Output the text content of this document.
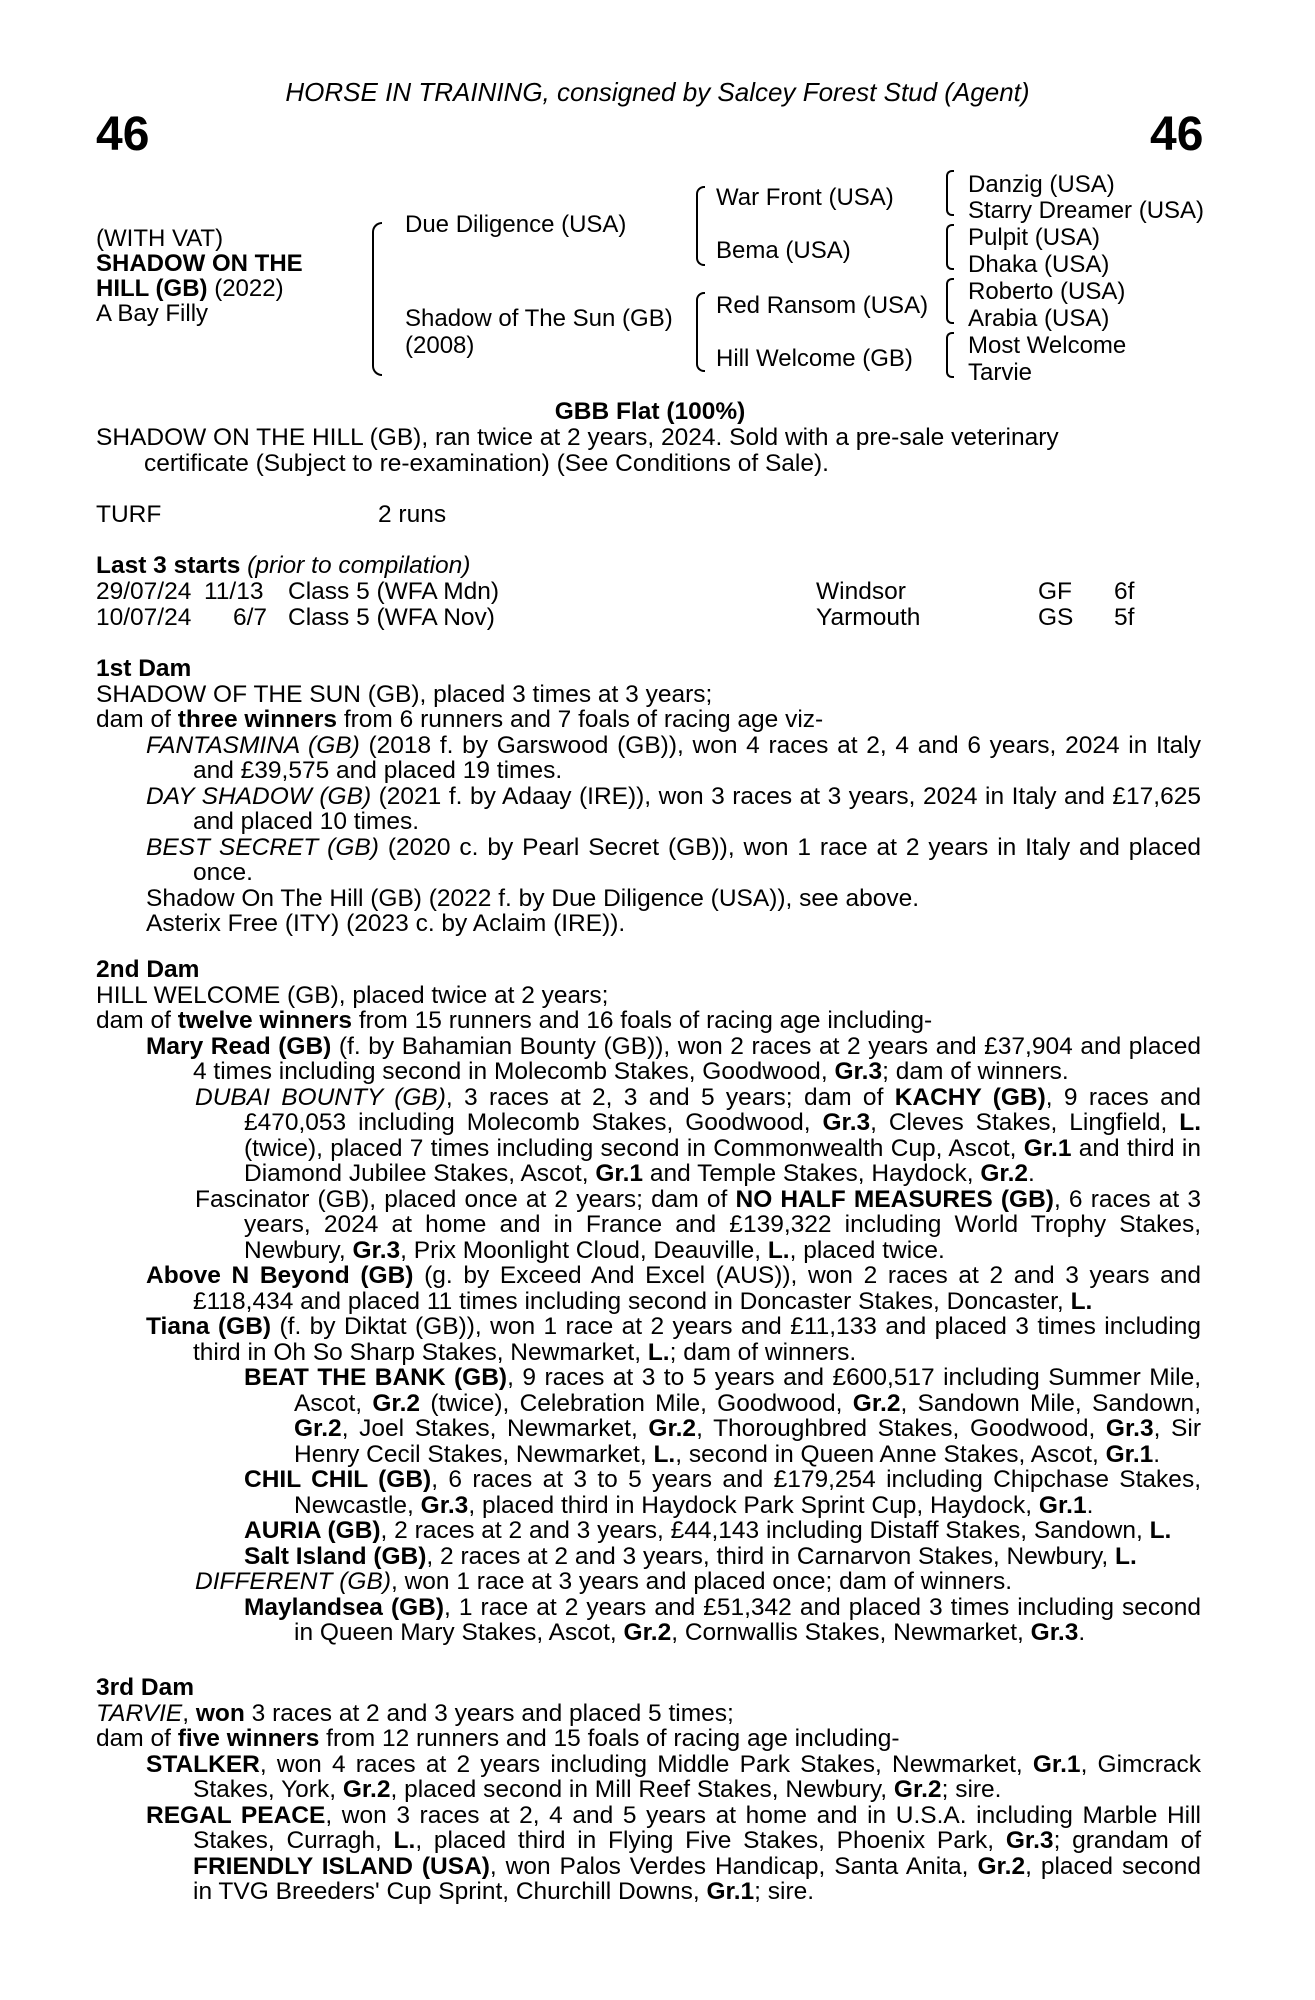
HORSE IN TRAINING, consigned by Salcey Forest Stud (Agent)
46	46
(WITH VAT)
SHADOW ON THE
HILL (GB) (2022)
A Bay Filly
Due Diligence (USA)
Shadow of The Sun (GB)
(2008)
War Front (USA)
Bema (USA)
Red Ransom (USA)
Hill Welcome (GB)
Danzig (USA)
Starry Dreamer (USA)
Pulpit (USA)
Dhaka (USA)
Roberto (USA)
Arabia (USA)
Most Welcome
Tarvie
GBB Flat (100%)

SHADOW ON THE HILL (GB), ran twice at 2 years, 2024. Sold with a pre-sale veterinary

certificate (Subject to re-examination) (See Conditions of Sale).

TURF	2 runs
Last 3 starts (prior to compilation)
29/07/24 11/13 Class 5 (WFA Mdn)	Windsor	GF 6f
10/07/24 6/7 Class 5 (WFA Nov)	Yarmouth	GS 5f

1st Dam

SHADOW OF THE SUN (GB), placed 3 times at 3 years;

dam of three winners from 6 runners and 7 foals of racing age viz-

FANTASMINA (GB) (2018 f. by Garswood (GB)), won 4 races at 2, 4 and 6 years, 2024 in Italy and £39,575 and placed 19 times.

DAY SHADOW (GB) (2021 f. by Adaay (IRE)), won 3 races at 3 years, 2024 in Italy and £17,625 and placed 10 times.

BEST SECRET (GB) (2020 c. by Pearl Secret (GB)), won 1 race at 2 years in Italy and placed once.

Shadow On The Hill (GB) (2022 f. by Due Diligence (USA)), see above.

Asterix Free (ITY) (2023 c. by Aclaim (IRE)).

2nd Dam

HILL WELCOME (GB), placed twice at 2 years;

dam of twelve winners from 15 runners and 16 foals of racing age including-

Mary Read (GB) (f. by Bahamian Bounty (GB)), won 2 races at 2 years and £37,904 and placed 4 times including second in Molecomb Stakes, Goodwood, Gr.3; dam of winners.

DUBAI BOUNTY (GB), 3 races at 2, 3 and 5 years; dam of KACHY (GB), 9 races and £470,053 including Molecomb Stakes, Goodwood, Gr.3, Cleves Stakes, Lingfield, L. (twice), placed 7 times including second in Commonwealth Cup, Ascot, Gr.1 and third in Diamond Jubilee Stakes, Ascot, Gr.1 and Temple Stakes, Haydock, Gr.2.

Fascinator (GB), placed once at 2 years; dam of NO HALF MEASURES (GB), 6 races at 3 years, 2024 at home and in France and £139,322 including World Trophy Stakes, Newbury, Gr.3, Prix Moonlight Cloud, Deauville, L., placed twice.

Above N Beyond (GB) (g. by Exceed And Excel (AUS)), won 2 races at 2 and 3 years and £118,434 and placed 11 times including second in Doncaster Stakes, Doncaster, L.

Tiana (GB) (f. by Diktat (GB)), won 1 race at 2 years and £11,133 and placed 3 times including third in Oh So Sharp Stakes, Newmarket, L.; dam of winners.

BEAT THE BANK (GB), 9 races at 3 to 5 years and £600,517 including Summer Mile, Ascot, Gr.2 (twice), Celebration Mile, Goodwood, Gr.2, Sandown Mile, Sandown, Gr.2, Joel Stakes, Newmarket, Gr.2, Thoroughbred Stakes, Goodwood, Gr.3, Sir Henry Cecil Stakes, Newmarket, L., second in Queen Anne Stakes, Ascot, Gr.1.

CHIL CHIL (GB), 6 races at 3 to 5 years and £179,254 including Chipchase Stakes, Newcastle, Gr.3, placed third in Haydock Park Sprint Cup, Haydock, Gr.1.

AURIA (GB), 2 races at 2 and 3 years, £44,143 including Distaff Stakes, Sandown, L.

Salt Island (GB), 2 races at 2 and 3 years, third in Carnarvon Stakes, Newbury, L.

DIFFERENT (GB), won 1 race at 3 years and placed once; dam of winners.

Maylandsea (GB), 1 race at 2 years and £51,342 and placed 3 times including second in Queen Mary Stakes, Ascot, Gr.2, Cornwallis Stakes, Newmarket, Gr.3.

3rd Dam

TARVIE, won 3 races at 2 and 3 years and placed 5 times;

dam of five winners from 12 runners and 15 foals of racing age including-

STALKER, won 4 races at 2 years including Middle Park Stakes, Newmarket, Gr.1, Gimcrack Stakes, York, Gr.2, placed second in Mill Reef Stakes, Newbury, Gr.2; sire.

REGAL PEACE, won 3 races at 2, 4 and 5 years at home and in U.S.A. including Marble Hill Stakes, Curragh, L., placed third in Flying Five Stakes, Phoenix Park, Gr.3; grandam of FRIENDLY ISLAND (USA), won Palos Verdes Handicap, Santa Anita, Gr.2, placed second in TVG Breeders' Cup Sprint, Churchill Downs, Gr.1; sire.
